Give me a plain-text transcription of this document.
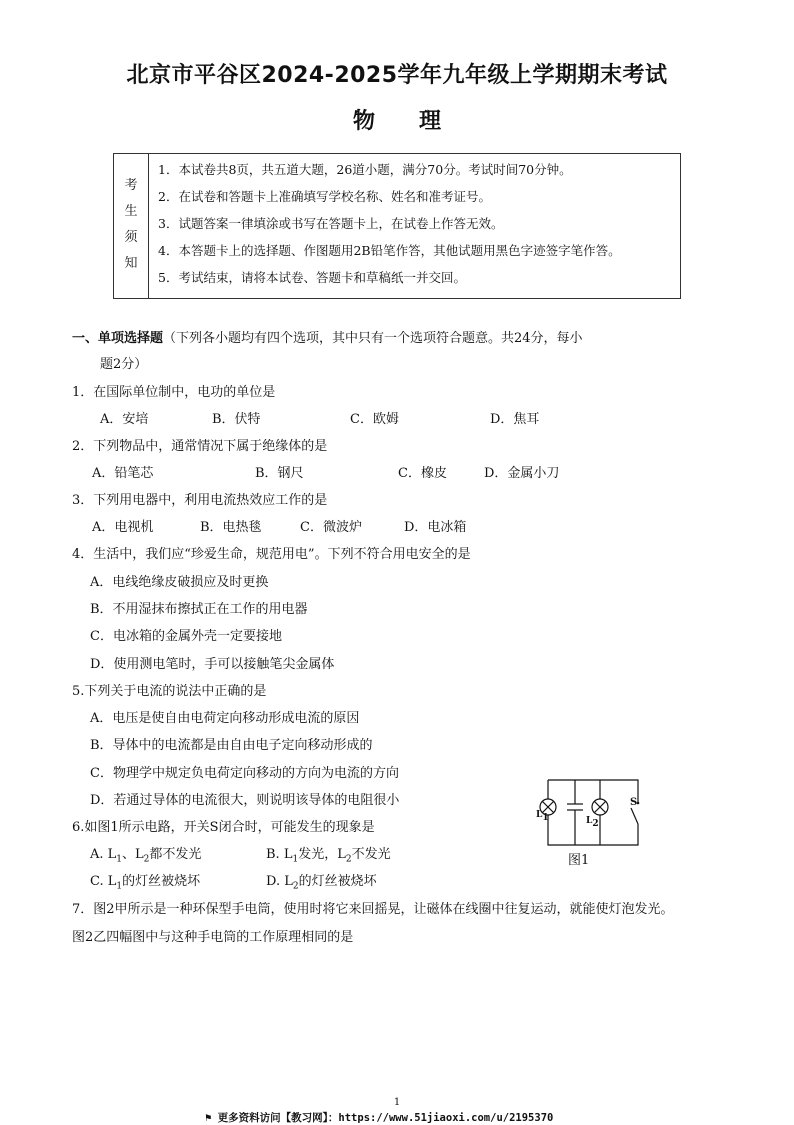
北京市平谷区2024-2025学年九年级上学期期末考试
物理
考
生
须
知
1．本试卷共8页，共五道大题，26道小题，满分70分。考试时间70分钟。
2．在试卷和答题卡上准确填写学校名称、姓名和准考证号。
3．试题答案一律填涂或书写在答题卡上，在试卷上作答无效。
4．本答题卡上的选择题、作图题用2B铅笔作答，其他试题用黑色字迹签字笔作答。
5．考试结束，请将本试卷、答题卡和草稿纸一并交回。
一、单项选择题（下列各小题均有四个选项，其中只有一个选项符合题意。共24分，每小
题2分）
1．在国际单位制中，电功的单位是
A．安培	B．伏特	C．欧姆	D．焦耳
2．下列物品中，通常情况下属于绝缘体的是
A．铅笔芯	B．钢尺	C．橡皮	D．金属小刀
3．下列用电器中，利用电流热效应工作的是
A．电视机	B．电热毯	C．微波炉	D．电冰箱
4．生活中，我们应“珍爱生命，规范用电”。下列不符合用电安全的是
A．电线绝缘皮破损应及时更换
B．不用湿抹布擦拭正在工作的用电器
C．电冰箱的金属外壳一定要接地
D．使用测电笔时，手可以接触笔尖金属体
5.下列关于电流的说法中正确的是
A．电压是使自由电荷定向移动形成电流的原因
B．导体中的电流都是由自由电子定向移动形成的
C．物理学中规定负电荷定向移动的方向为电流的方向
D．若通过导体的电流很大，则说明该导体的电阻很小
6.如图1所示电路，开关S闭合时，可能发生的现象是
A. $L_1$、$L_2$都不发光	B. $L_1$发光，$L_2$不发光
C. $L_1$的灯丝被烧坏	D. $L_2$的灯丝被烧坏
$L_1$	$L_2$
S
图1
7．图2甲所示是一种环保型手电筒，使用时将它来回摇晃，让磁体在线圈中往复运动，就能使灯泡发光。
图2乙四幅图中与这种手电筒的工作原理相同的是
1
⚑ 更多资料访问【教习网】：https://www.51jiaoxi.com/u/2195370
